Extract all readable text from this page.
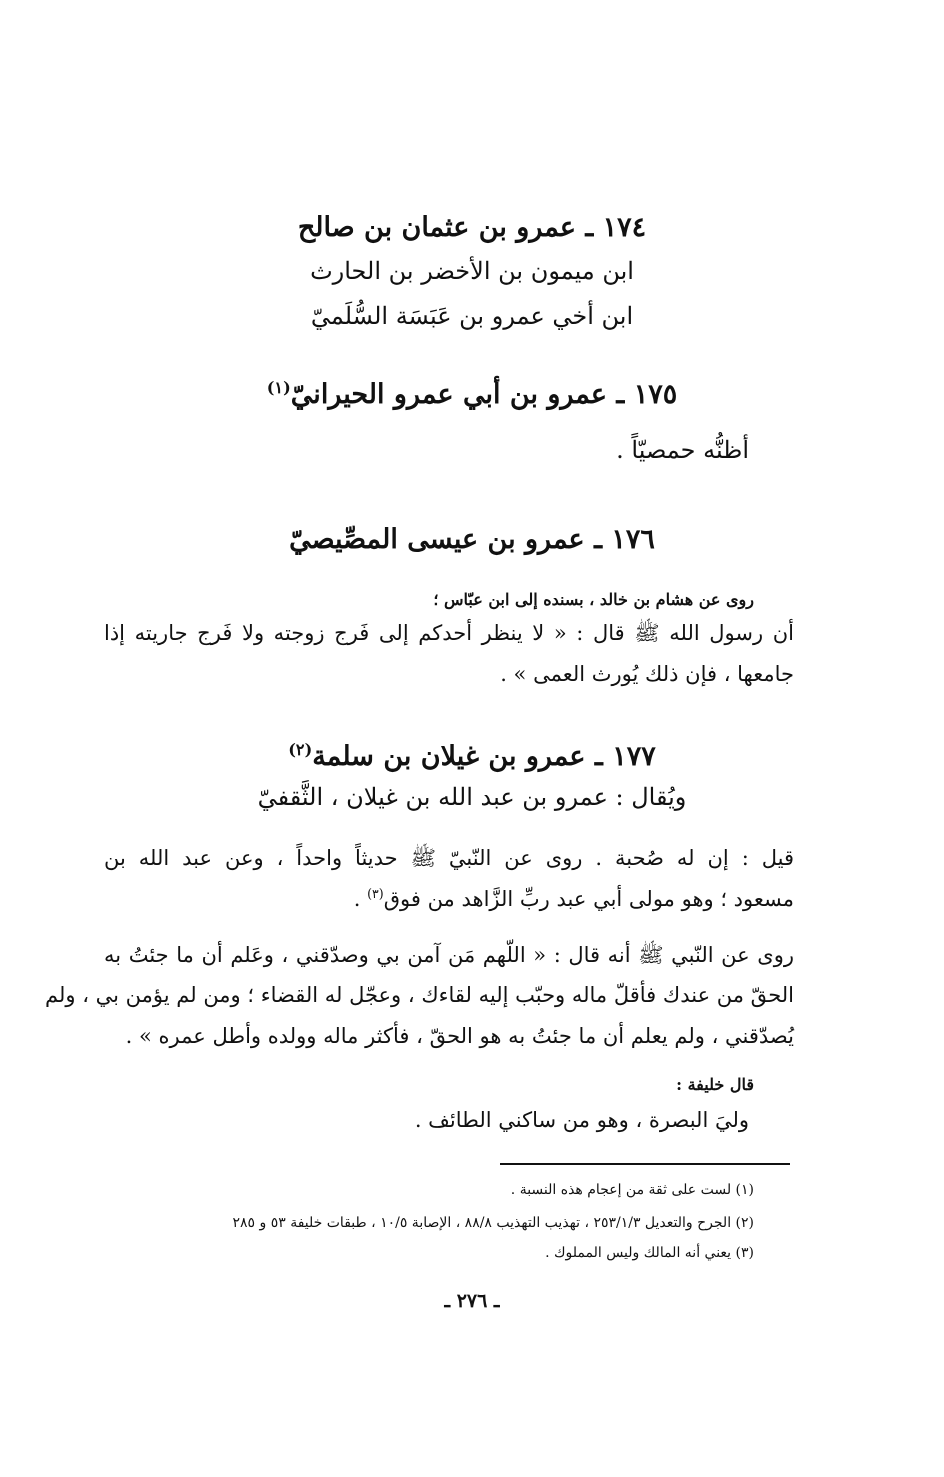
١٧٤ ـ عمرو بن عثمان بن صالح
ابن ميمون بن الأخضر بن الحارث
ابن أخي عمرو بن عَبَسَة السُّلَميّ
١٧٥ ـ عمرو بن أبي عمرو الحيرانيّ$^{(١)}$
أظنُّه حمصيّاً .
١٧٦ ـ عمرو بن عيسى المصِّيصيّ
روى عن هشام بن خالد ، بسنده إلى ابن عبّاس ؛
أن رسول الله ﷺ قال : « لا ينظر أحدكم إلى فَرج زوجته ولا فَرج جاريته إذا
جامعها ، فإن ذلك يُورث العمى » .
١٧٧ ـ عمرو بن غيلان بن سلمة$^{(٢)}$
ويُقال : عمرو بن عبد الله بن غيلان ، الثَّقفيّ
قيل : إن له صُحبة . روى عن النّبيّ ﷺ حديثاً واحداً ، وعن عبد الله بن
مسعود ؛ وهو مولى أبي عبد ربِّ الزَّاهد من فوق$^{(٣)}$ .
روى عن النّبي ﷺ أنه قال : « اللّهم مَن آمن بي وصدّقني ، وعَلم أن ما جئتُ به
الحقّ من عندك فأقلّ ماله وحبّب إليه لقاءك ، وعجّل له القضاء ؛ ومن لم يؤمن بي ، ولم
يُصدّقني ، ولم يعلم أن ما جئتُ به هو الحقّ ، فأكثر ماله وولده وأطل عمره » .
قال خليفة :
وليَ البصرة ، وهو من ساكني الطائف .
(١) لست على ثقة من إعجام هذه النسبة .
(٢) الجرح والتعديل ٢٥٣/١/٣ ، تهذيب التهذيب ٨٨/٨ ، الإصابة ١٠/٥ ، طبقات خليفة ٥٣ و ٢٨٥
(٣) يعني أنه المالك وليس المملوك .
ـ ٢٧٦ ـ
